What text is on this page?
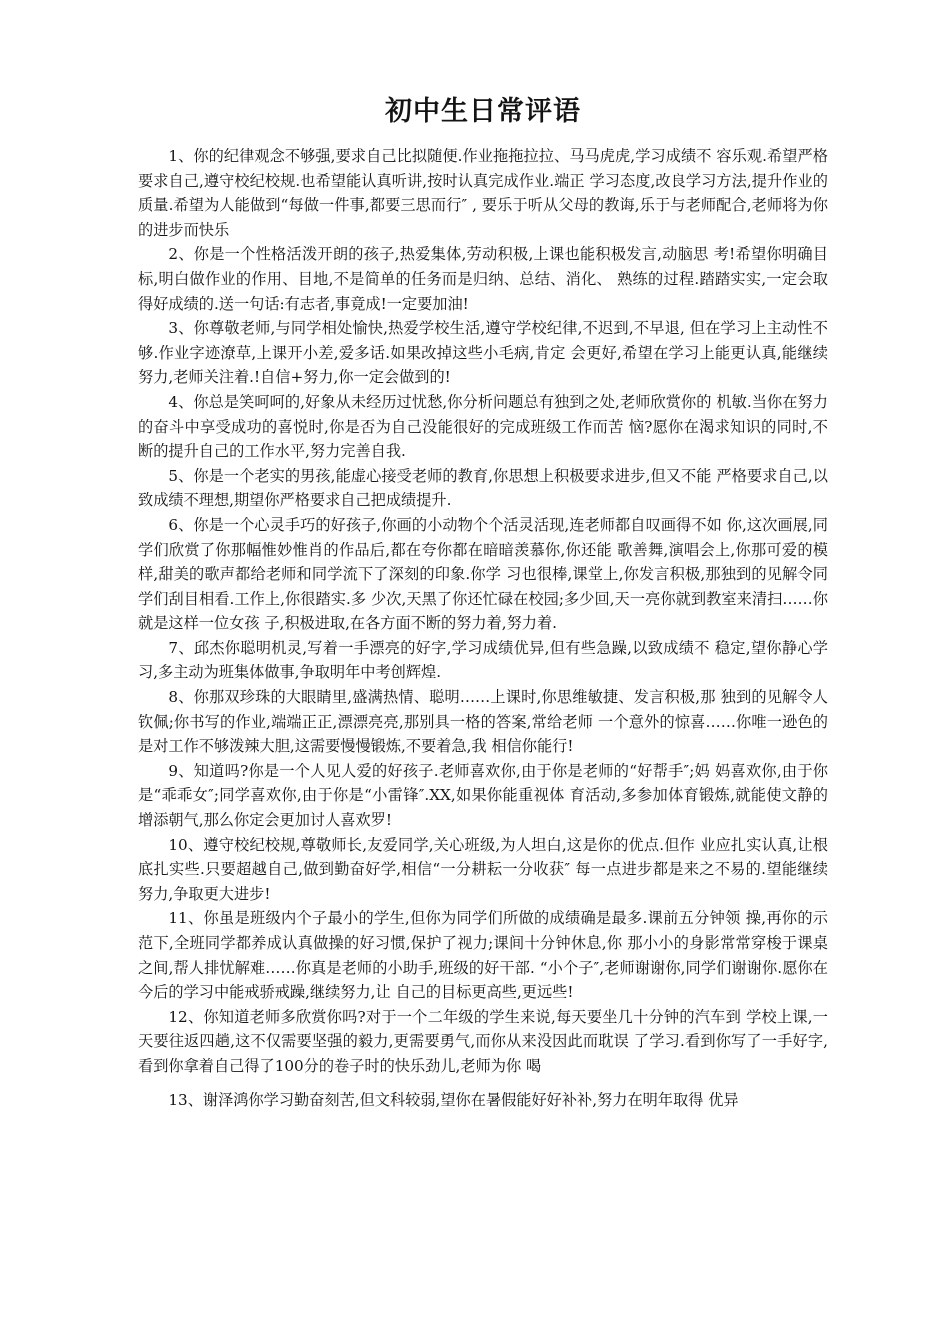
初中生日常评语

1、你的纪律观念不够强,要求自己比拟随便.作业拖拖拉拉、马马虎虎,学习成绩不 容乐观.希望严格要求自己,遵守校纪校规.也希望能认真听讲,按时认真完成作业.端正 学习态度,改良学习方法,提升作业的质量.希望为人能做到“每做一件事,都要三思而行″ , 要乐于听从父母的教诲,乐于与老师配合,老师将为你的进步而快乐

2、你是一个性格活泼开朗的孩子,热爱集体,劳动积极,上课也能积极发言,动脑思 考!希望你明确目标,明白做作业的作用、目地,不是简单的任务而是归纳、总结、消化、 熟练的过程.踏踏实实,一定会取得好成绩的.送一句话:有志者,事竟成!一定要加油!

3、你尊敬老师,与同学相处愉快,热爱学校生活,遵守学校纪律,不迟到,不早退, 但在学习上主动性不够.作业字迹潦草,上课开小差,爱多话.如果改掉这些小毛病,肯定 会更好,希望在学习上能更认真,能继续努力,老师关注着.!自信+努力,你一定会做到的!

4、你总是笑呵呵的,好象从未经历过忧愁,你分析问题总有独到之处,老师欣赏你的 机敏.当你在努力的奋斗中享受成功的喜悦时,你是否为自己没能很好的完成班级工作而苦 恼?愿你在渴求知识的同时,不断的提升自己的工作水平,努力完善自我.

5、你是一个老实的男孩,能虚心接受老师的教育,你思想上积极要求进步,但又不能 严格要求自己,以致成绩不理想,期望你严格要求自己把成绩提升.

6、你是一个心灵手巧的好孩子,你画的小动物个个活灵活现,连老师都自叹画得不如 你,这次画展,同学们欣赏了你那幅惟妙惟肖的作品后,都在夸你都在暗暗羡慕你,你还能 歌善舞,演唱会上,你那可爱的模样,甜美的歌声都给老师和同学流下了深刻的印象.你学 习也很棒,课堂上,你发言积极,那独到的见解令同学们刮目相看.工作上,你很踏实.多 少次,天黑了你还忙碌在校园;多少回,天一亮你就到教室来清扫……你就是这样一位女孩 子,积极进取,在各方面不断的努力着,努力着.

7、邱杰你聪明机灵,写着一手漂亮的好字,学习成绩优异,但有些急躁,以致成绩不 稳定,望你静心学习,多主动为班集体做事,争取明年中考创辉煌.

8、你那双珍珠的大眼睛里,盛满热情、聪明……上课时,你思维敏捷、发言积极,那 独到的见解令人钦佩;你书写的作业,端端正正,漂漂亮亮,那别具一格的答案,常给老师 一个意外的惊喜……你唯一逊色的是对工作不够泼辣大胆,这需要慢慢锻炼,不要着急,我 相信你能行!

9、知道吗?你是一个人见人爱的好孩子.老师喜欢你,由于你是老师的“好帮手″;妈 妈喜欢你,由于你是“乖乖女″;同学喜欢你,由于你是“小雷锋″.XX,如果你能重视体 育活动,多参加体育锻炼,就能使文静的增添朝气,那么你定会更加讨人喜欢罗!

10、遵守校纪校规,尊敬师长,友爱同学,关心班级,为人坦白,这是你的优点.但作 业应扎实认真,让根底扎实些.只要超越自己,做到勤奋好学,相信“一分耕耘一分收获″ 每一点进步都是来之不易的.望能继续努力,争取更大进步!

11、你虽是班级内个子最小的学生,但你为同学们所做的成绩确是最多.课前五分钟领 操,再你的示范下,全班同学都养成认真做操的好习惯,保护了视力;课间十分钟休息,你 那小小的身影常常穿梭于课桌之间,帮人排忧解难……你真是老师的小助手,班级的好干部. “小个子″,老师谢谢你,同学们谢谢你.愿你在今后的学习中能戒骄戒躁,继续努力,让 自己的目标更高些,更远些!

12、你知道老师多欣赏你吗?对于一个二年级的学生来说,每天要坐几十分钟的汽车到 学校上课,一天要往返四趟,这不仅需要坚强的毅力,更需要勇气,而你从来没因此而耽误 了学习.看到你写了一手好字,看到你拿着自己得了100分的卷子时的快乐劲儿,老师为你 喝

13、谢泽鸿你学习勤奋刻苦,但文科较弱,望你在暑假能好好补补,努力在明年取得 优异
